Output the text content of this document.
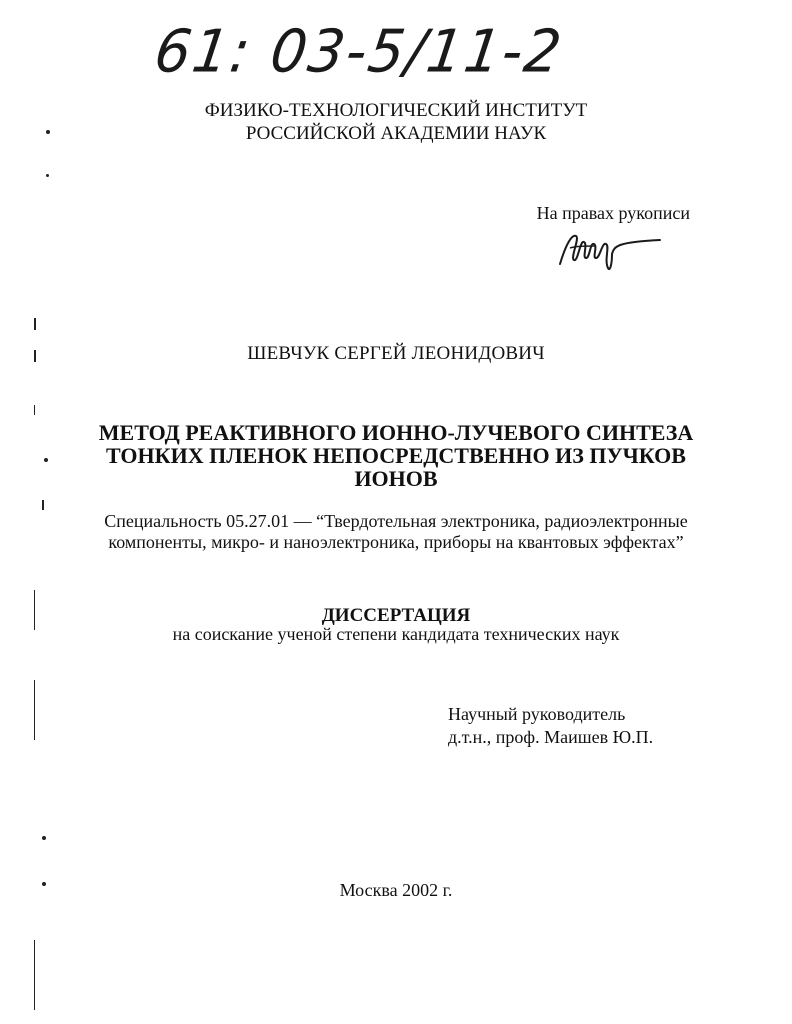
61: 03-5/11-2
ФИЗИКО-ТЕХНОЛОГИЧЕСКИЙ ИНСТИТУТ
РОССИЙСКОЙ АКАДЕМИИ НАУК
На правах рукописи
ШЕВЧУК СЕРГЕЙ ЛЕОНИДОВИЧ
МЕТОД РЕАКТИВНОГО ИОННО-ЛУЧЕВОГО СИНТЕЗА
ТОНКИХ ПЛЕНОК НЕПОСРЕДСТВЕННО ИЗ ПУЧКОВ
ИОНОВ
Специальность 05.27.01 — “Твердотельная электроника, радиоэлектронные
компоненты, микро- и наноэлектроника, приборы на квантовых эффектах”
ДИССЕРТАЦИЯ
на соискание ученой степени кандидата технических наук
Научный руководитель
д.т.н., проф. Маишев Ю.П.
Москва 2002 г.
